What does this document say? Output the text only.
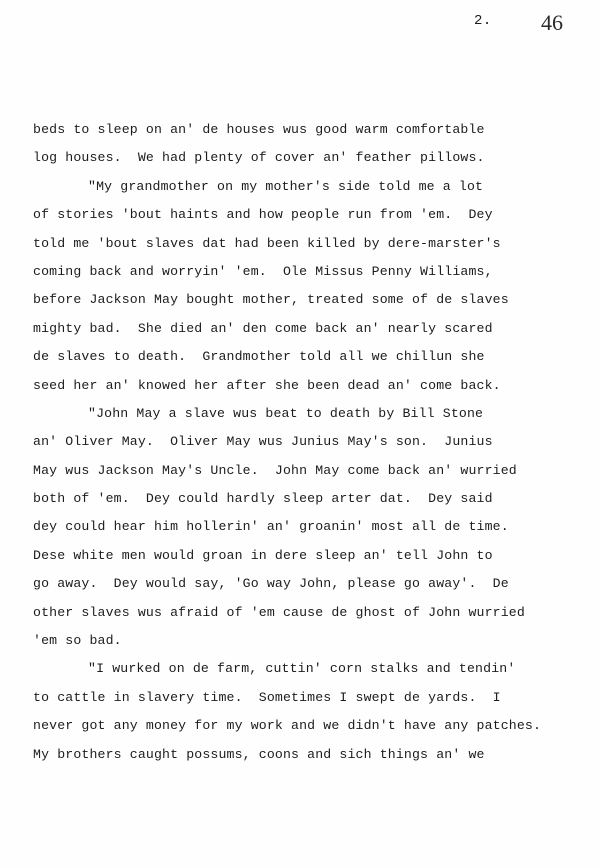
2. 46
beds to sleep on an' de houses wus good warm comfortable
log houses.  We had plenty of cover an' feather pillows.
"My grandmother on my mother's side told me a lot
of stories 'bout haints and how people run from 'em.  Dey
told me 'bout slaves dat had been killed by dere-marster's
coming back and worryin' 'em.  Ole Missus Penny Williams,
before Jackson May bought mother, treated some of de slaves
mighty bad.  She died an' den come back an' nearly scared
de slaves to death.  Grandmother told all we chillun she
seed her an' knowed her after she been dead an' come back.
"John May a slave wus beat to death by Bill Stone
an' Oliver May.  Oliver May wus Junius May's son.  Junius
May wus Jackson May's Uncle.  John May come back an' wurried
both of 'em.  Dey could hardly sleep arter dat.  Dey said
dey could hear him hollerin' an' groanin' most all de time.
Dese white men would groan in dere sleep an' tell John to
go away.  Dey would say, 'Go way John, please go away'.  De
other slaves wus afraid of 'em cause de ghost of John wurried
'em so bad.
"I wurked on de farm, cuttin' corn stalks and tendin'
to cattle in slavery time.  Sometimes I swept de yards.  I
never got any money for my work and we didn't have any patches.
My brothers caught possums, coons and sich things an' we
